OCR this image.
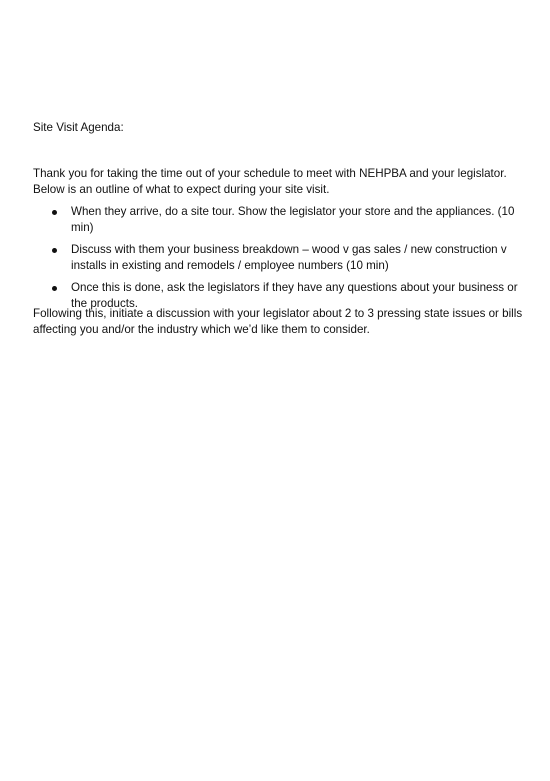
Site Visit Agenda:

Thank you for taking the time out of your schedule to meet with NEHPBA and your legislator. Below is an outline of what to expect during your site visit.

When they arrive, do a site tour. Show the legislator your store and the appliances. (10 min)
Discuss with them your business breakdown – wood v gas sales / new construction v installs in existing and remodels / employee numbers (10 min)
Once this is done, ask the legislators if they have any questions about your business or the products.

Following this, initiate a discussion with your legislator about 2 to 3 pressing state issues or bills affecting you and/or the industry which we’d like them to consider.
